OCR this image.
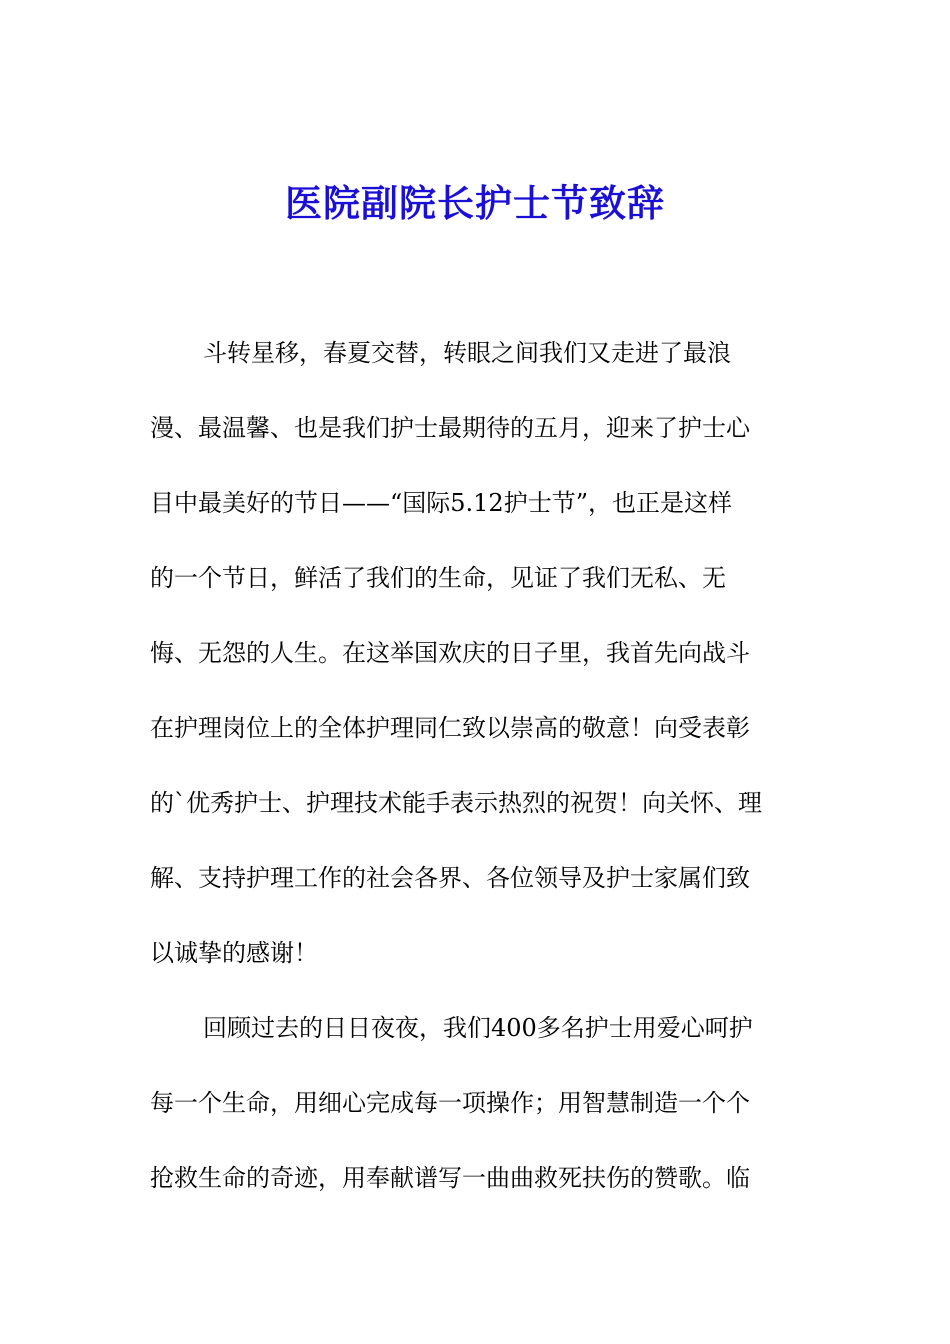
医院副院长护士节致辞
斗转星移，春夏交替，转眼之间我们又走进了最浪
漫、最温馨、也是我们护士最期待的五月，迎来了护士心
目中最美好的节日——“国际5.12护士节”，也正是这样
的一个节日，鲜活了我们的生命，见证了我们无私、无
悔、无怨的人生。在这举国欢庆的日子里，我首先向战斗
在护理岗位上的全体护理同仁致以崇高的敬意！向受表彰
的`优秀护士、护理技术能手表示热烈的祝贺！向关怀、理
解、支持护理工作的社会各界、各位领导及护士家属们致
以诚挚的感谢！
回顾过去的日日夜夜，我们400多名护士用爱心呵护
每一个生命，用细心完成每一项操作；用智慧制造一个个
抢救生命的奇迹，用奉献谱写一曲曲救死扶伤的赞歌。临
